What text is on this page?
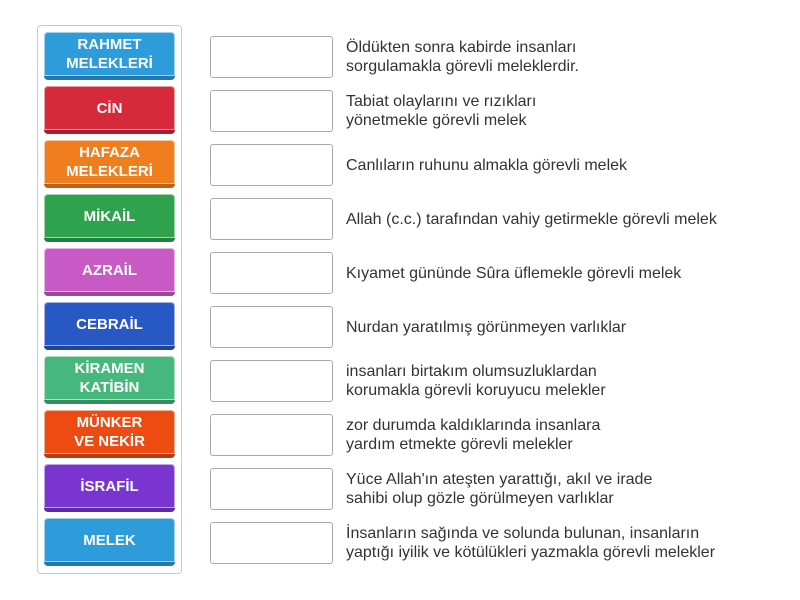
RAHMET
MELEKLERİ
CİN
HAFAZA
MELEKLERİ
MİKAİL
AZRAİL
CEBRAİL
KİRAMEN
KATİBİN
MÜNKER
VE NEKİR
İSRAFİL
MELEK
Öldükten sonra kabirde insanları
sorgulamakla görevli meleklerdir.
Tabiat olaylarını ve rızıkları
yönetmekle görevli melek
Canlıların ruhunu almakla görevli melek
Allah (c.c.) tarafından vahiy getirmekle görevli melek
Kıyamet gününde Sûra üflemekle görevli melek
Nurdan yaratılmış görünmeyen varlıklar
insanları birtakım olumsuzluklardan
korumakla görevli koruyucu melekler
zor durumda kaldıklarında insanlara
yardım etmekte görevli melekler
Yüce Allah'ın ateşten yarattığı, akıl ve irade
sahibi olup gözle görülmeyen varlıklar
İnsanların sağında ve solunda bulunan, insanların
yaptığı iyilik ve kötülükleri yazmakla görevli melekler
